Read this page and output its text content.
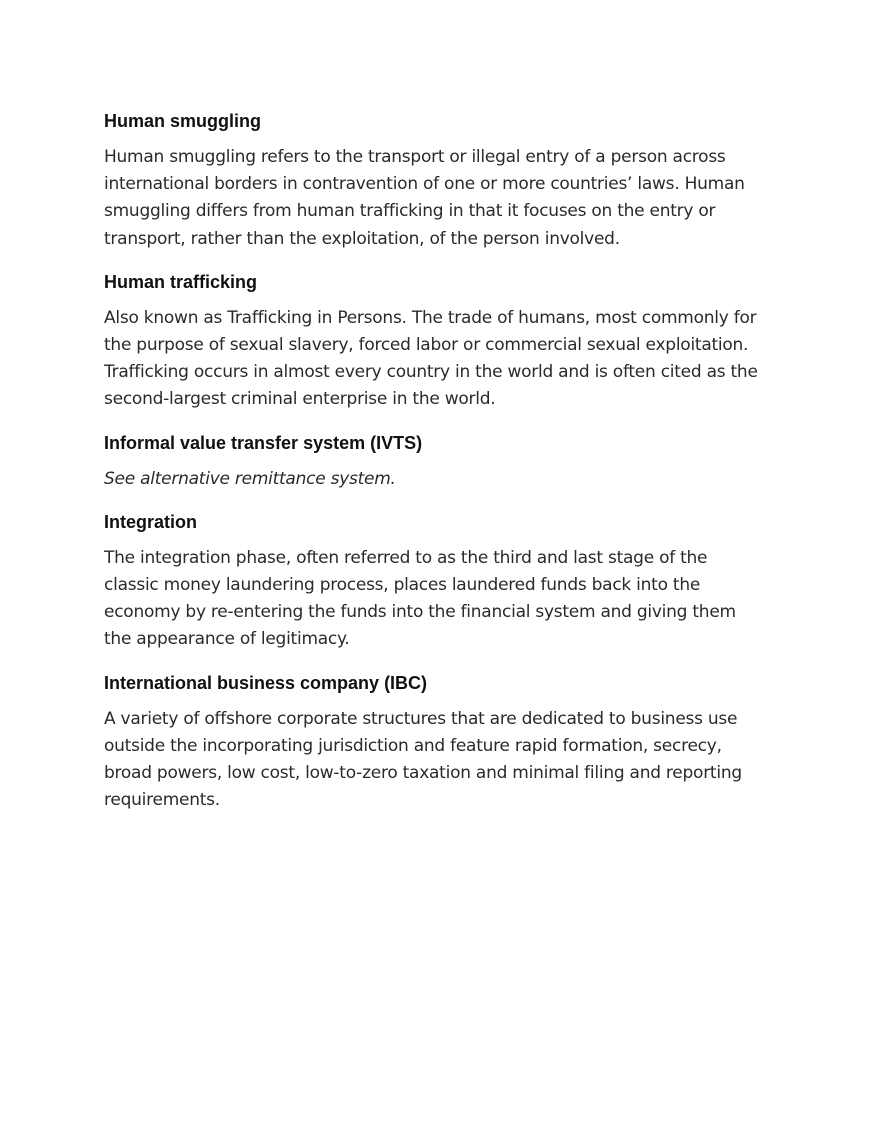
Human smuggling

Human smuggling refers to the transport or illegal entry of a person across international borders in contravention of one or more countries’ laws. Human smuggling differs from human trafficking in that it focuses on the entry or transport, rather than the exploitation, of the person involved.

Human trafficking

Also known as Trafficking in Persons. The trade of humans, most commonly for the purpose of sexual slavery, forced labor or commercial sexual exploitation. Trafficking occurs in almost every country in the world and is often cited as the second-largest criminal enterprise in the world.

Informal value transfer system (IVTS)

See alternative remittance system.

Integration

The integration phase, often referred to as the third and last stage of the classic money laundering process, places laundered funds back into the economy by re-entering the funds into the financial system and giving them the appearance of legitimacy.

International business company (IBC)

A variety of offshore corporate structures that are dedicated to business use outside the incorporating jurisdiction and feature rapid formation, secrecy, broad powers, low cost, low-to-zero taxation and minimal filing and reporting requirements.
